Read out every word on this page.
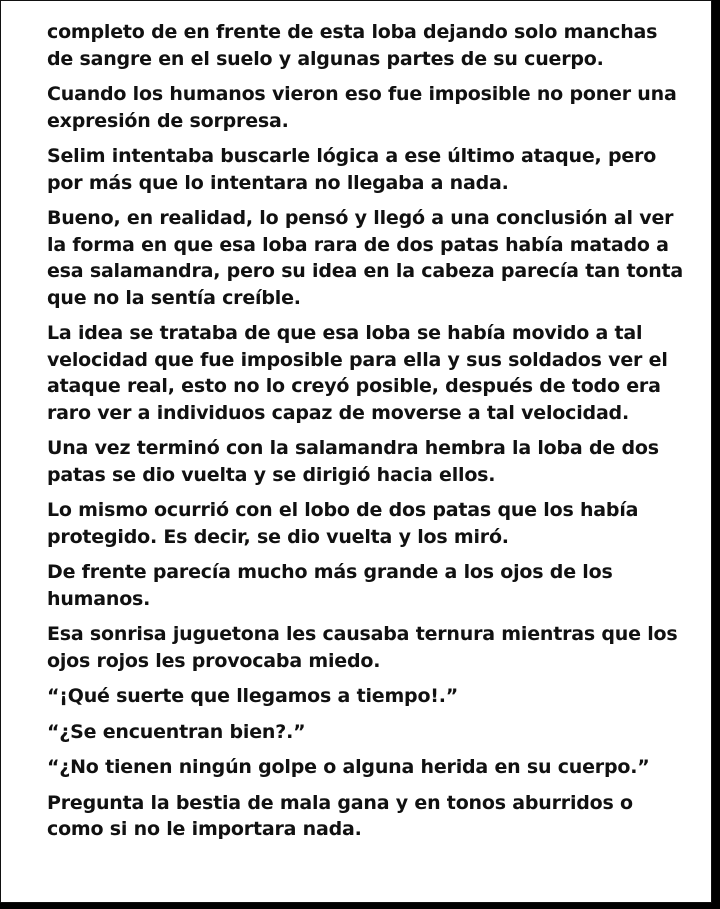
completo de en frente de esta loba dejando solo manchas de sangre en el suelo y algunas partes de su cuerpo.

Cuando los humanos vieron eso fue imposible no poner una expresión de sorpresa.

Selim intentaba buscarle lógica a ese último ataque, pero por más que lo intentara no llegaba a nada.

Bueno, en realidad, lo pensó y llegó a una conclusión al ver la forma en que esa loba rara de dos patas había matado a esa salamandra, pero su idea en la cabeza parecía tan tonta que no la sentía creíble.

La idea se trataba de que esa loba se había movido a tal velocidad que fue imposible para ella y sus soldados ver el ataque real, esto no lo creyó posible, después de todo era raro ver a individuos capaz de moverse a tal velocidad.

Una vez terminó con la salamandra hembra la loba de dos patas se dio vuelta y se dirigió hacia ellos.

Lo mismo ocurrió con el lobo de dos patas que los había protegido. Es decir, se dio vuelta y los miró.

De frente parecía mucho más grande a los ojos de los humanos.

Esa sonrisa juguetona les causaba ternura mientras que los ojos rojos les provocaba miedo.

“¡Qué suerte que llegamos a tiempo!.”

“¿Se encuentran bien?.”

“¿No tienen ningún golpe o alguna herida en su cuerpo.”

Pregunta la bestia de mala gana y en tonos aburridos o como si no le importara nada.
